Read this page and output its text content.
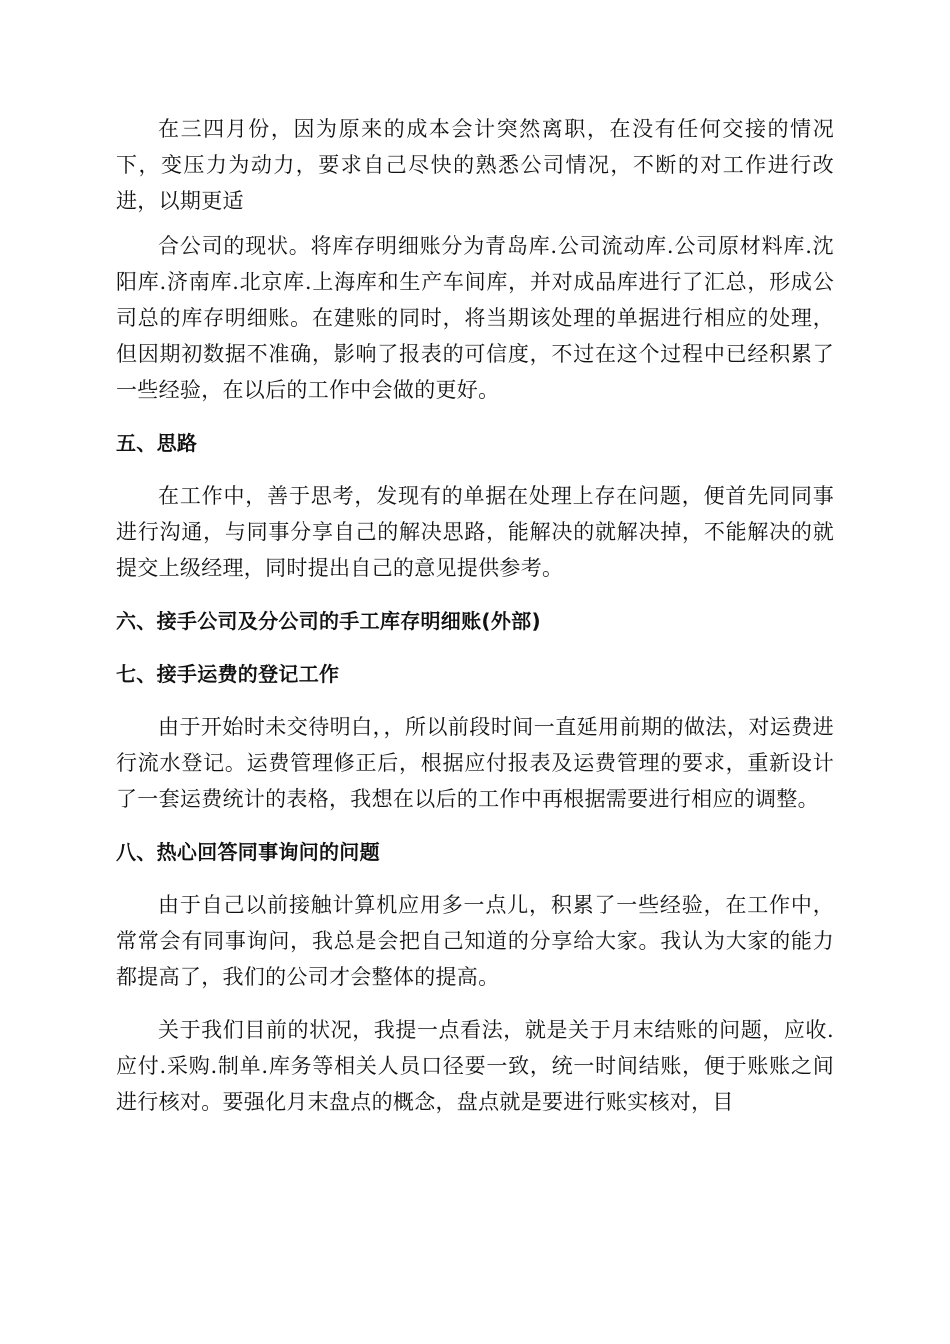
在三四月份，因为原来的成本会计突然离职，在没有任何交接的情况下，变压力为动力，要求自己尽快的熟悉公司情况，不断的对工作进行改进，以期更适

合公司的现状。将库存明细账分为青岛库.公司流动库.公司原材料库.沈阳库.济南库.北京库.上海库和生产车间库，并对成品库进行了汇总，形成公司总的库存明细账。在建账的同时，将当期该处理的单据进行相应的处理，但因期初数据不准确，影响了报表的可信度，不过在这个过程中已经积累了一些经验，在以后的工作中会做的更好。

五、思路

在工作中，善于思考，发现有的单据在处理上存在问题，便首先同同事进行沟通，与同事分享自己的解决思路，能解决的就解决掉，不能解决的就提交上级经理，同时提出自己的意见提供参考。

六、接手公司及分公司的手工库存明细账(外部)
七、接手运费的登记工作

由于开始时未交待明白，，所以前段时间一直延用前期的做法，对运费进行流水登记。运费管理修正后，根据应付报表及运费管理的要求，重新设计了一套运费统计的表格，我想在以后的工作中再根据需要进行相应的调整。

八、热心回答同事询问的问题

由于自己以前接触计算机应用多一点儿，积累了一些经验，在工作中，常常会有同事询问，我总是会把自己知道的分享给大家。我认为大家的能力都提高了，我们的公司才会整体的提高。

关于我们目前的状况，我提一点看法，就是关于月末结账的问题，应收.应付.采购.制单.库务等相关人员口径要一致，统一时间结账，便于账账之间进行核对。要强化月末盘点的概念，盘点就是要进行账实核对，目
